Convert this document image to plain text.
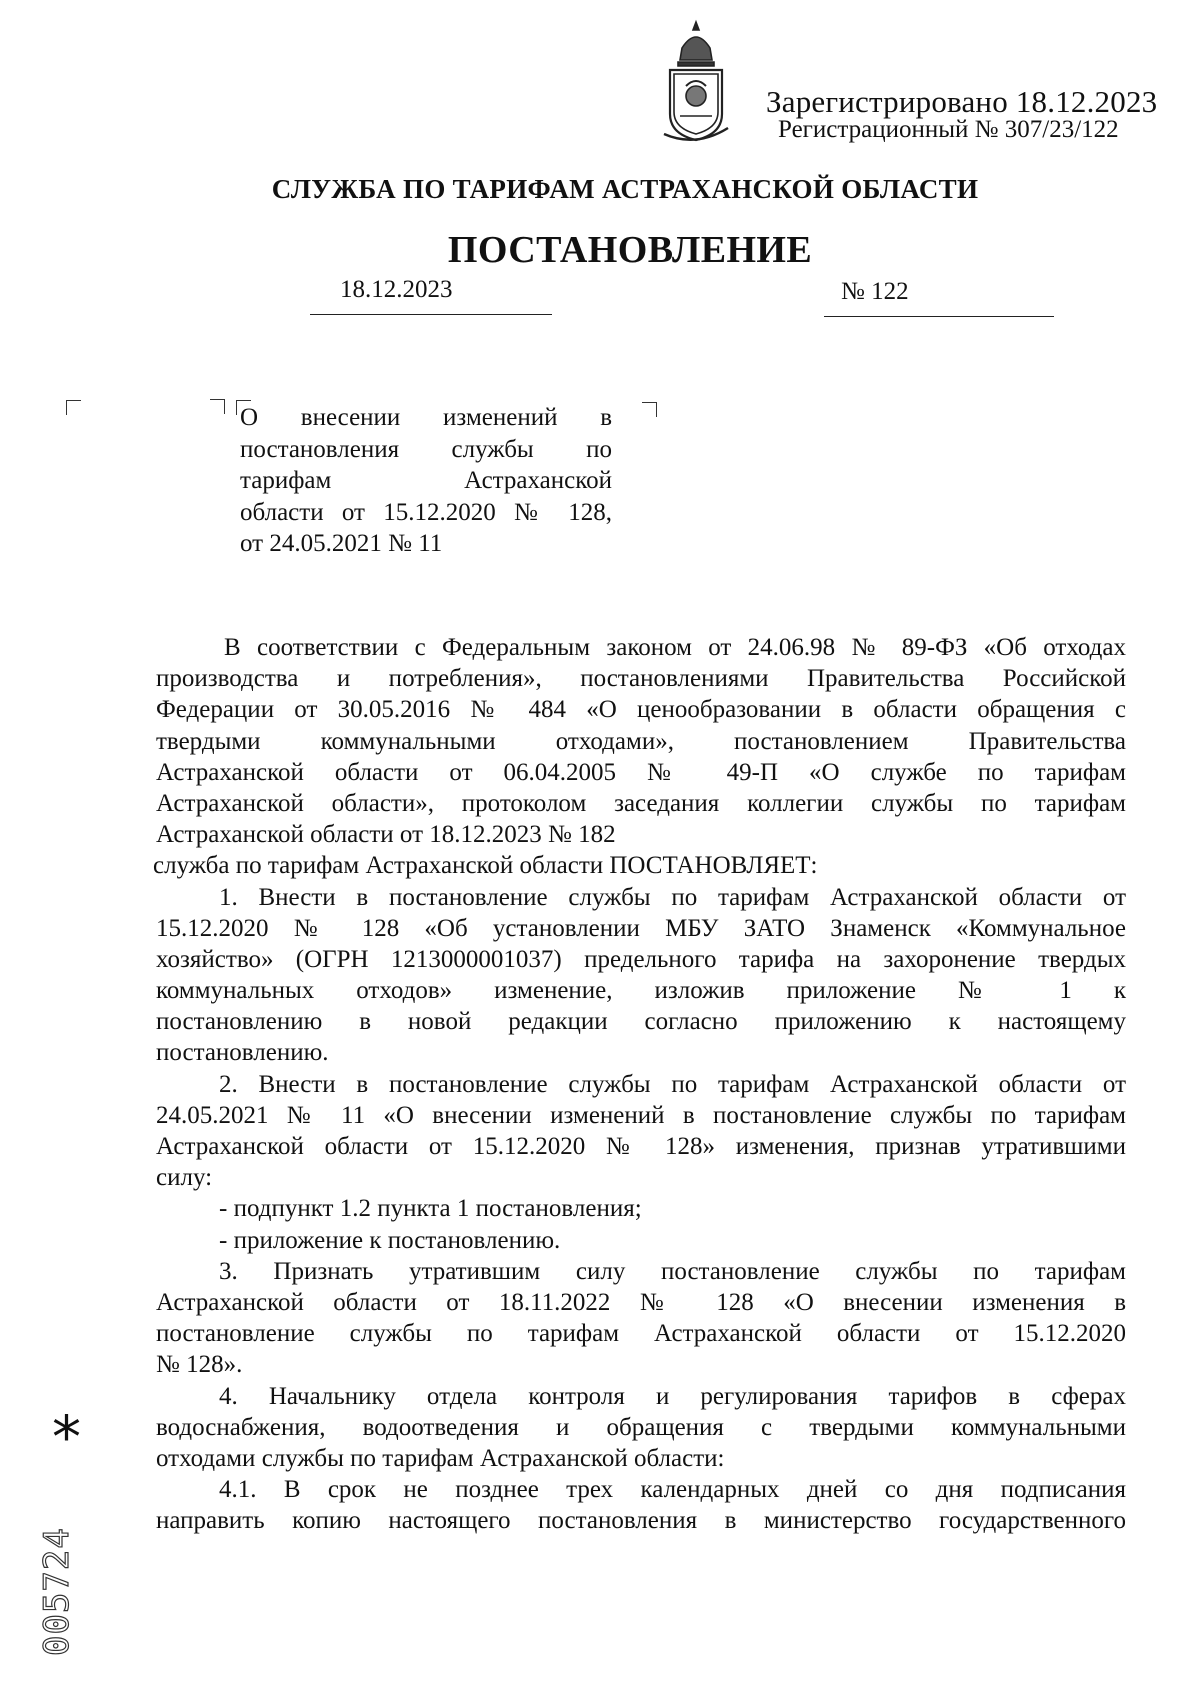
Зарегистрировано 18.12.2023
Регистрационный № 307/23/122
СЛУЖБА ПО ТАРИФАМ АСТРАХАНСКОЙ ОБЛАСТИ
ПОСТАНОВЛЕНИЕ
18.12.2023	№ 122
О внесении изменений в
постановления службы по
тарифам Астраханской
области от 15.12.2020 № 128,
от 24.05.2021 № 11
В соответствии с Федеральным законом от 24.06.98 № 89-ФЗ «Об отходах
производства и потребления», постановлениями Правительства Российской
Федерации от 30.05.2016 № 484 «О ценообразовании в области обращения с
твердыми коммунальными отходами», постановлением Правительства
Астраханской области от 06.04.2005 № 49-П «О службе по тарифам
Астраханской области», протоколом заседания коллегии службы по тарифам
Астраханской области от 18.12.2023 № 182
служба по тарифам Астраханской области ПОСТАНОВЛЯЕТ:
1. Внести в постановление службы по тарифам Астраханской области от
15.12.2020 № 128 «Об установлении МБУ ЗАТО Знаменск «Коммунальное
хозяйство» (ОГРН 1213000001037) предельного тарифа на захоронение твердых
коммунальных отходов» изменение, изложив приложение № 1 к
постановлению в новой редакции согласно приложению к настоящему
постановлению.
2. Внести в постановление службы по тарифам Астраханской области от
24.05.2021 № 11 «О внесении изменений в постановление службы по тарифам
Астраханской области от 15.12.2020 № 128» изменения, признав утратившими
силу:
- подпункт 1.2 пункта 1 постановления;
- приложение к постановлению.
3. Признать утратившим силу постановление службы по тарифам
Астраханской области от 18.11.2022 № 128 «О внесении изменения в
постановление службы по тарифам Астраханской области от 15.12.2020
№ 128».
4. Начальнику отдела контроля и регулирования тарифов в сферах
водоснабжения, водоотведения и обращения с твердыми коммунальными
отходами службы по тарифам Астраханской области:
4.1. В срок не позднее трех календарных дней со дня подписания
направить копию настоящего постановления в министерство государственного
*
005724
